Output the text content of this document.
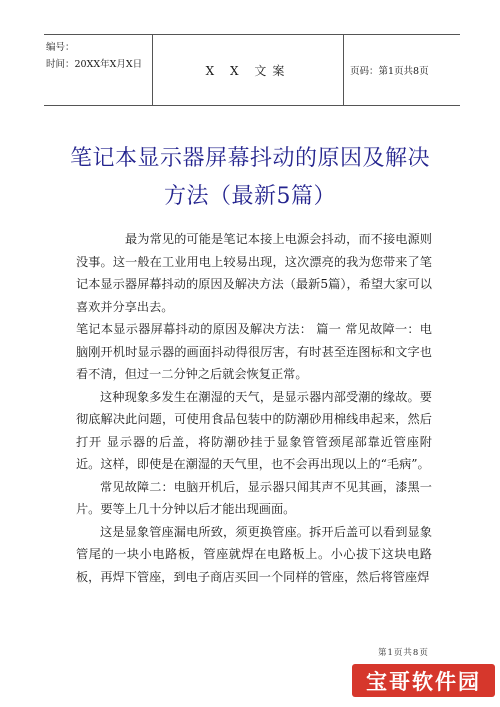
编号：
时间：20XX年X月X日	X X 文案	页码：第1页共8页
笔记本显示器屏幕抖动的原因及解决方法（最新5篇）

最为常见的可能是笔记本接上电源会抖动，而不接电源则没事。这一般在工业用电上较易出现，这次漂亮的我为您带来了笔记本显示器屏幕抖动的原因及解决方法（最新5篇），希望大家可以喜欢并分享出去。

笔记本显示器屏幕抖动的原因及解决方法： 篇一 常见故障一：电脑刚开机时显示器的画面抖动得很厉害，有时甚至连图标和文字也看不清，但过一二分钟之后就会恢复正常。

这种现象多发生在潮湿的天气，是显示器内部受潮的缘故。要彻底解决此问题，可使用食品包装中的防潮砂用棉线串起来，然后打开 显示器的后盖，将防潮砂挂于显象管管颈尾部靠近管座附近。这样，即使是在潮湿的天气里，也不会再出现以上的“毛病”。

常见故障二：电脑开机后，显示器只闻其声不见其画，漆黑一片。要等上几十分钟以后才能出现画面。

这是显象管座漏电所致，须更换管座。拆开后盖可以看到显象管尾的一块小电路板，管座就焊在电路板上。小心拔下这块电路板，再焊下管座，到电子商店买回一个同样的管座，然后将管座焊

第1页共8页
宝哥软件园
